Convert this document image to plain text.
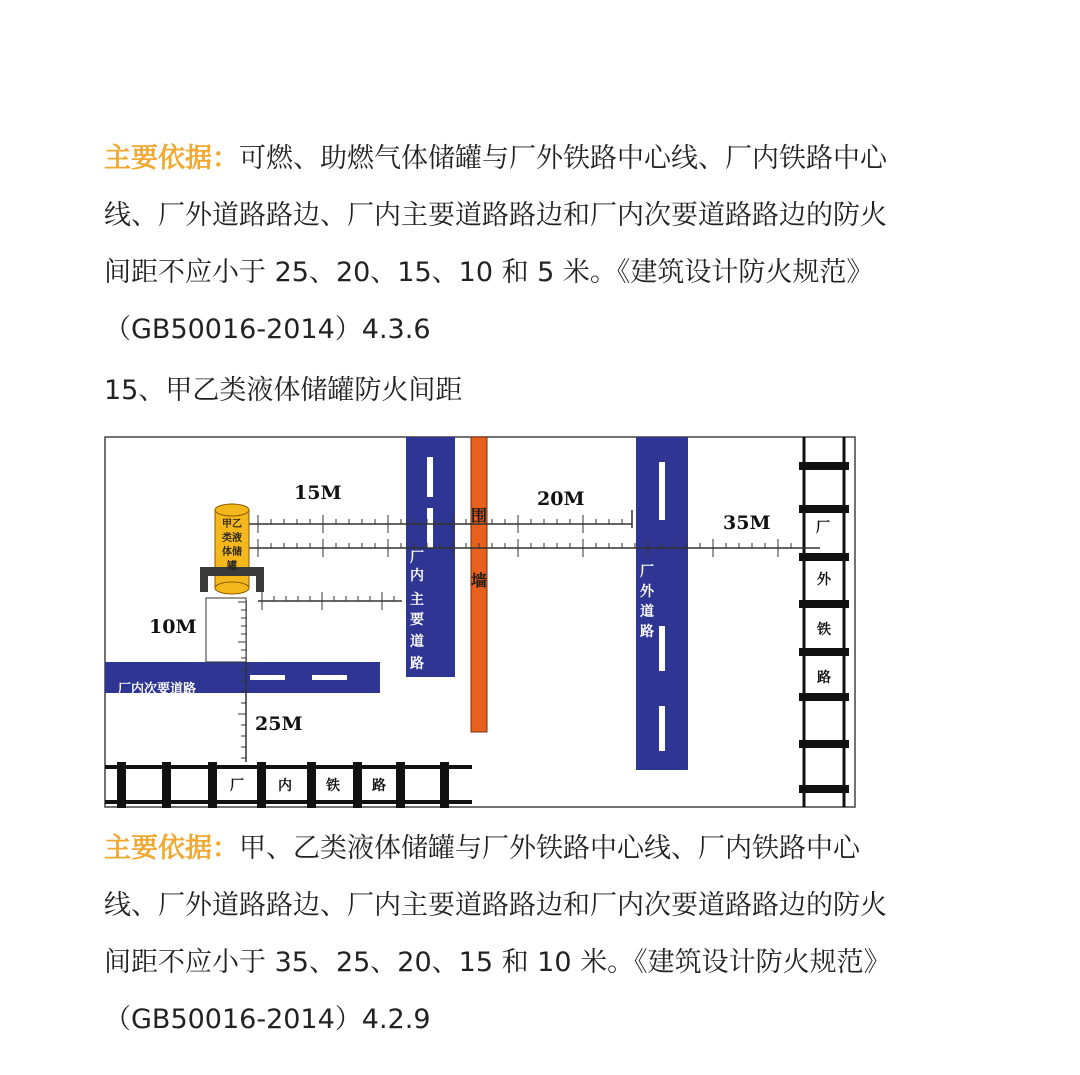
主要依据：可燃、助燃气体储罐与厂外铁路中心线、厂内铁路中心
线、厂外道路路边、厂内主要道路路边和厂内次要道路路边的防火
间距不应小于 25、20、15、10 和 5 米。《建筑设计防火规范》
（GB50016-2014）4.3.6
15、甲乙类液体储罐防火间距
甲乙
类液
体储
罐
围
墙
厂
内
主
要
道
路
厂
外
道
路
厂
外
铁
路
厂 内 铁 路
厂内次要道路
15M	20M
35M
10M
25M
主要依据：甲、乙类液体储罐与厂外铁路中心线、厂内铁路中心
线、厂外道路路边、厂内主要道路路边和厂内次要道路路边的防火
间距不应小于 35、25、20、15 和 10 米。《建筑设计防火规范》
（GB50016-2014）4.2.9
